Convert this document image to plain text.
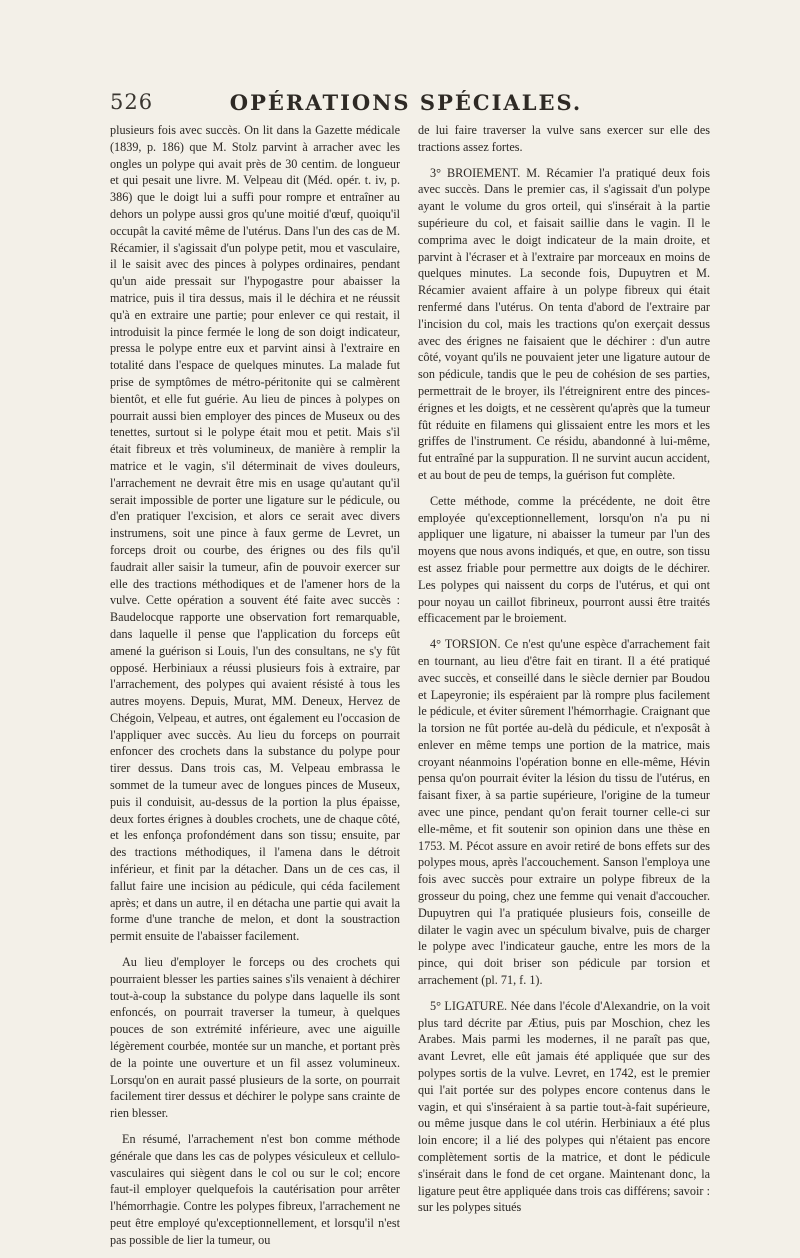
526	OPÉRATIONS SPÉCIALES.

plusieurs fois avec succès. On lit dans la Gazette médicale (1839, p. 186) que M. Stolz parvint à arracher avec les ongles un polype qui avait près de 30 centim. de longueur et qui pesait une livre. M. Velpeau dit (Méd. opér. t. iv, p. 386) que le doigt lui a suffi pour rompre et entraîner au dehors un polype aussi gros qu'une moitié d'œuf, quoiqu'il occupât la cavité même de l'utérus. Dans l'un des cas de M. Récamier, il s'agissait d'un polype petit, mou et vasculaire, il le saisit avec des pinces à polypes ordinaires, pendant qu'un aide pressait sur l'hypogastre pour abaisser la matrice, puis il tira dessus, mais il le déchira et ne réussit qu'à en extraire une partie; pour enlever ce qui restait, il introduisit la pince fermée le long de son doigt indicateur, pressa le polype entre eux et parvint ainsi à l'extraire en totalité dans l'espace de quelques minutes. La malade fut prise de symptômes de métro-péritonite qui se calmèrent bientôt, et elle fut guérie. Au lieu de pinces à polypes on pourrait aussi bien employer des pinces de Museux ou des tenettes, surtout si le polype était mou et petit. Mais s'il était fibreux et très volumineux, de manière à remplir la matrice et le vagin, s'il déterminait de vives douleurs, l'arrachement ne devrait être mis en usage qu'autant qu'il serait impossible de porter une ligature sur le pédicule, ou d'en pratiquer l'excision, et alors ce serait avec divers instrumens, soit une pince à faux germe de Levret, un forceps droit ou courbe, des érignes ou des fils qu'il faudrait aller saisir la tumeur, afin de pouvoir exercer sur elle des tractions méthodiques et de l'amener hors de la vulve. Cette opération a souvent été faite avec succès : Baudelocque rapporte une observation fort remarquable, dans laquelle il pense que l'application du forceps eût amené la guérison si Louis, l'un des consultans, ne s'y fût opposé. Herbiniaux a réussi plusieurs fois à extraire, par l'arrachement, des polypes qui avaient résisté à tous les autres moyens. Depuis, Murat, MM. Deneux, Hervez de Chégoin, Velpeau, et autres, ont également eu l'occasion de l'appliquer avec succès. Au lieu du forceps on pourrait enfoncer des crochets dans la substance du polype pour tirer dessus. Dans trois cas, M. Velpeau embrassa le sommet de la tumeur avec de longues pinces de Museux, puis il conduisit, au-dessus de la portion la plus épaisse, deux fortes érignes à doubles crochets, une de chaque côté, et les enfonça profondément dans son tissu; ensuite, par des tractions méthodiques, il l'amena dans le détroit inférieur, et finit par la détacher. Dans un de ces cas, il fallut faire une incision au pédicule, qui céda facilement après; et dans un autre, il en détacha une partie qui avait la forme d'une tranche de melon, et dont la soustraction permit ensuite de l'abaisser facilement.

Au lieu d'employer le forceps ou des crochets qui pourraient blesser les parties saines s'ils venaient à déchirer tout-à-coup la substance du polype dans laquelle ils sont enfoncés, on pourrait traverser la tumeur, à quelques pouces de son extrémité inférieure, avec une aiguille légèrement courbée, montée sur un manche, et portant près de la pointe une ouverture et un fil assez volumineux. Lorsqu'on en aurait passé plusieurs de la sorte, on pourrait facilement tirer dessus et déchirer le polype sans crainte de rien blesser.

En résumé, l'arrachement n'est bon comme méthode générale que dans les cas de polypes vésiculeux et cellulo-vasculaires qui siègent dans le col ou sur le col; encore faut-il employer quelquefois la cautérisation pour arrêter l'hémorrhagie. Contre les polypes fibreux, l'arrachement ne peut être employé qu'exceptionnellement, et lorsqu'il n'est pas possible de lier la tumeur, ou

de lui faire traverser la vulve sans exercer sur elle des tractions assez fortes.

3° BROIEMENT. M. Récamier l'a pratiqué deux fois avec succès. Dans le premier cas, il s'agissait d'un polype ayant le volume du gros orteil, qui s'insérait à la partie supérieure du col, et faisait saillie dans le vagin. Il le comprima avec le doigt indicateur de la main droite, et parvint à l'écraser et à l'extraire par morceaux en moins de quelques minutes. La seconde fois, Dupuytren et M. Récamier avaient affaire à un polype fibreux qui était renfermé dans l'utérus. On tenta d'abord de l'extraire par l'incision du col, mais les tractions qu'on exerçait dessus avec des érignes ne faisaient que le déchirer : d'un autre côté, voyant qu'ils ne pouvaient jeter une ligature autour de son pédicule, tandis que le peu de cohésion de ses parties, permettrait de le broyer, ils l'étreignirent entre des pinces-érignes et les doigts, et ne cessèrent qu'après que la tumeur fût réduite en filamens qui glissaient entre les mors et les griffes de l'instrument. Ce résidu, abandonné à lui-même, fut entraîné par la suppuration. Il ne survint aucun accident, et au bout de peu de temps, la guérison fut complète.

Cette méthode, comme la précédente, ne doit être employée qu'exceptionnellement, lorsqu'on n'a pu ni appliquer une ligature, ni abaisser la tumeur par l'un des moyens que nous avons indiqués, et que, en outre, son tissu est assez friable pour permettre aux doigts de le déchirer. Les polypes qui naissent du corps de l'utérus, et qui ont pour noyau un caillot fibrineux, pourront aussi être traités efficacement par le broiement.

4° TORSION. Ce n'est qu'une espèce d'arrachement fait en tournant, au lieu d'être fait en tirant. Il a été pratiqué avec succès, et conseillé dans le siècle dernier par Boudou et Lapeyronie; ils espéraient par là rompre plus facilement le pédicule, et éviter sûrement l'hémorrhagie. Craignant que la torsion ne fût portée au-delà du pédicule, et n'exposât à enlever en même temps une portion de la matrice, mais croyant néanmoins l'opération bonne en elle-même, Hévin pensa qu'on pourrait éviter la lésion du tissu de l'utérus, en faisant fixer, à sa partie supérieure, l'origine de la tumeur avec une pince, pendant qu'on ferait tourner celle-ci sur elle-même, et fit soutenir son opinion dans une thèse en 1753. M. Pécot assure en avoir retiré de bons effets sur des polypes mous, après l'accouchement. Sanson l'employa une fois avec succès pour extraire un polype fibreux de la grosseur du poing, chez une femme qui venait d'accoucher. Dupuytren qui l'a pratiquée plusieurs fois, conseille de dilater le vagin avec un spéculum bivalve, puis de charger le polype avec l'indicateur gauche, entre les mors de la pince, qui doit briser son pédicule par torsion et arrachement (pl. 71, f. 1).

5° LIGATURE. Née dans l'école d'Alexandrie, on la voit plus tard décrite par Ætius, puis par Moschion, chez les Arabes. Mais parmi les modernes, il ne paraît pas que, avant Levret, elle eût jamais été appliquée que sur des polypes sortis de la vulve. Levret, en 1742, est le premier qui l'ait portée sur des polypes encore contenus dans le vagin, et qui s'inséraient à sa partie tout-à-fait supérieure, ou même jusque dans le col utérin. Herbiniaux a été plus loin encore; il a lié des polypes qui n'étaient pas encore complètement sortis de la matrice, et dont le pédicule s'insérait dans le fond de cet organe. Maintenant donc, la ligature peut être appliquée dans trois cas différens; savoir : sur les polypes situés
